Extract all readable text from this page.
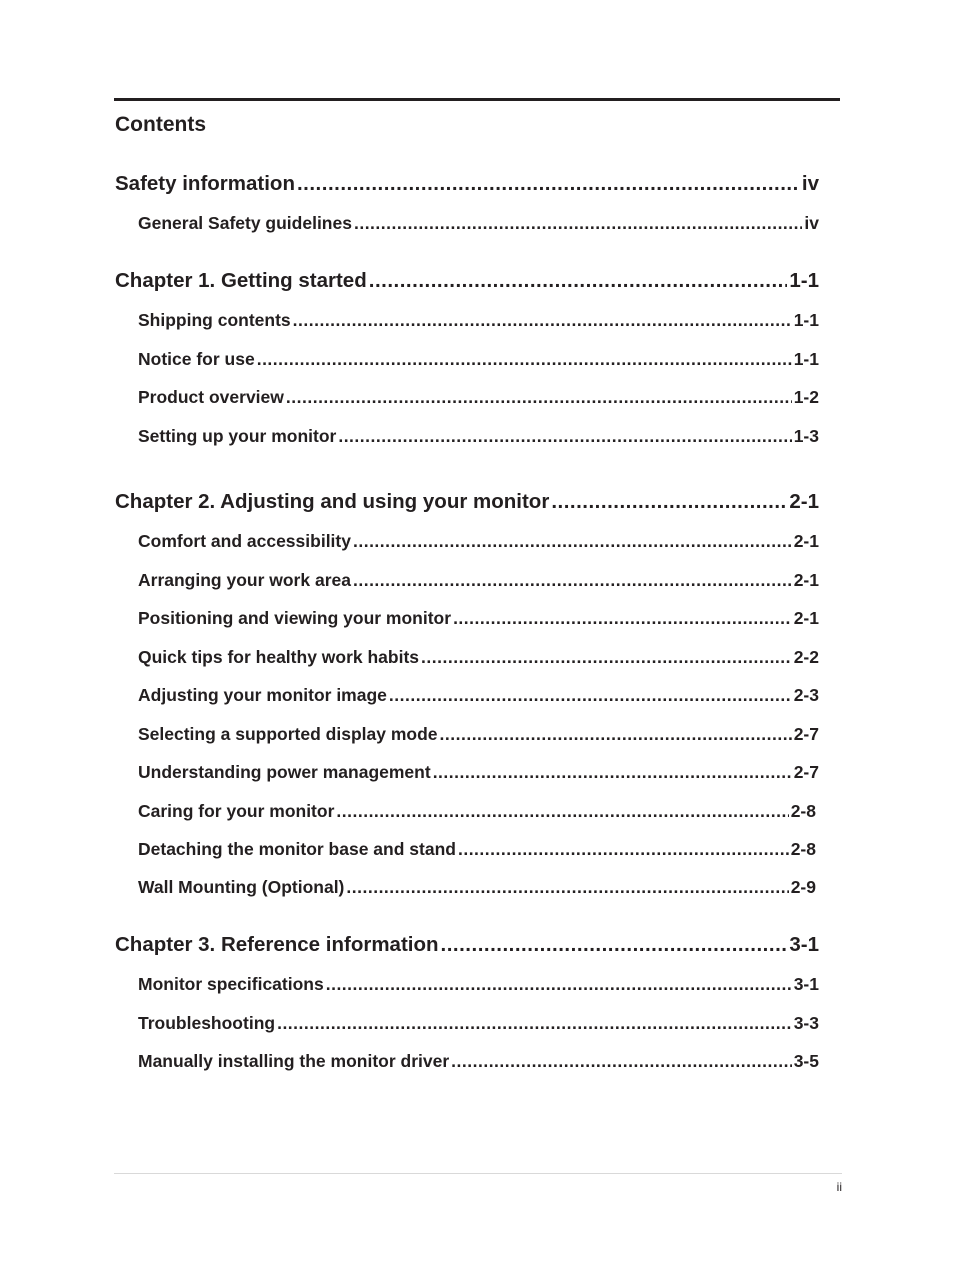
Contents
Safety information .....	iv
General Safety guidelines .....	iv
Chapter 1. Getting started .....	1-1
Shipping contents .....	1-1
Notice for use .....	1-1
Product overview .....	1-2
Setting up your monitor .....	1-3
Chapter 2. Adjusting and using your monitor .....	2-1
Comfort and accessibility .....	2-1
Arranging your work area .....	2-1
Positioning and viewing your monitor .....	2-1
Quick tips for healthy work habits .....	2-2
Adjusting your monitor image .....	2-3
Selecting a supported display mode .....	2-7
Understanding power management .....	2-7
Caring for your monitor .....	2-8
Detaching the monitor base and stand .....	2-8
Wall Mounting (Optional) .....	2-9
Chapter 3. Reference information .....	3-1
Monitor specifications .....	3-1
Troubleshooting .....	3-3
Manually installing the monitor driver .....	3-5
ii
